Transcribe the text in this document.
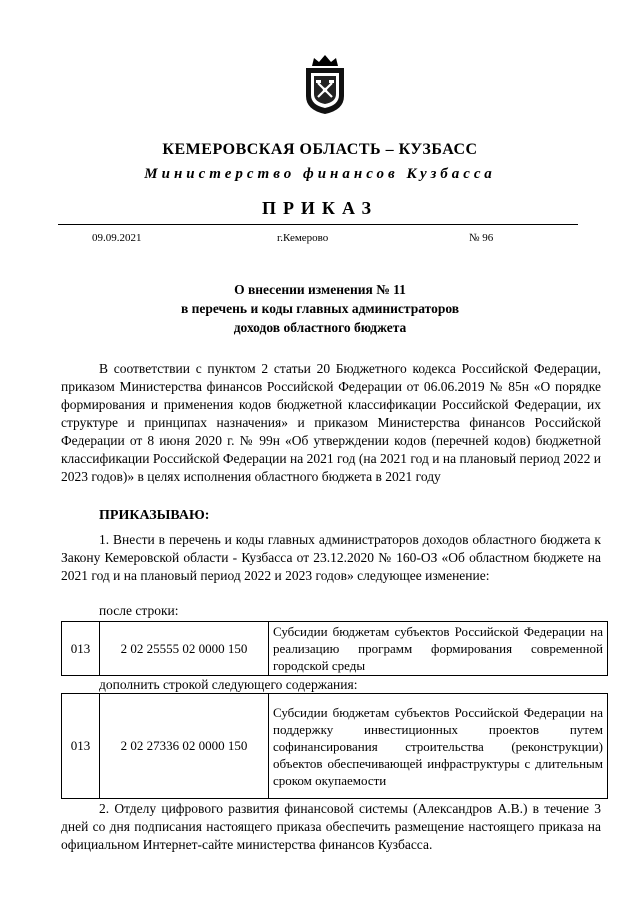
КЕМЕРОВСКАЯ ОБЛАСТЬ – КУЗБАСС
Министерство финансов Кузбасса
ПРИКАЗ
09.09.2021	г.Кемерово	№ 96
О внесении изменения № 11
в перечень и коды главных администраторов
доходов областного бюджета
В соответствии с пунктом 2 статьи 20 Бюджетного кодекса Российской Федерации, приказом Министерства финансов Российской Федерации от 06.06.2019 № 85н «О порядке формирования и применения кодов бюджетной классификации Российской Федерации, их структуре и принципах назначения» и приказом Министерства финансов Российской Федерации от 8 июня 2020 г. № 99н «Об утверждении кодов (перечней кодов) бюджетной классификации Российской Федерации на 2021 год (на 2021 год и на плановый период 2022 и 2023 годов)» в целях исполнения областного бюджета в 2021 году
ПРИКАЗЫВАЮ:
1. Внести в перечень и коды главных администраторов доходов областного бюджета к Закону Кемеровской области - Кузбасса от 23.12.2020 № 160-ОЗ «Об областном бюджете на 2021 год и на плановый период 2022 и 2023 годов» следующее изменение:
после строки:
013	2 02 25555 02 0000 150	Субсидии бюджетам субъектов Российской Федерации на реализацию программ формирования современной городской среды
дополнить строкой следующего содержания:
013	2 02 27336 02 0000 150	Субсидии бюджетам субъектов Российской Федерации на поддержку инвестиционных проектов путем софинансирования строительства (реконструкции) объектов обеспечивающей инфраструктуры с длительным сроком окупаемости
2. Отделу цифрового развития финансовой системы (Александров А.В.) в течение 3 дней со дня подписания настоящего приказа обеспечить размещение настоящего приказа на официальном Интернет-сайте министерства финансов Кузбасса.
